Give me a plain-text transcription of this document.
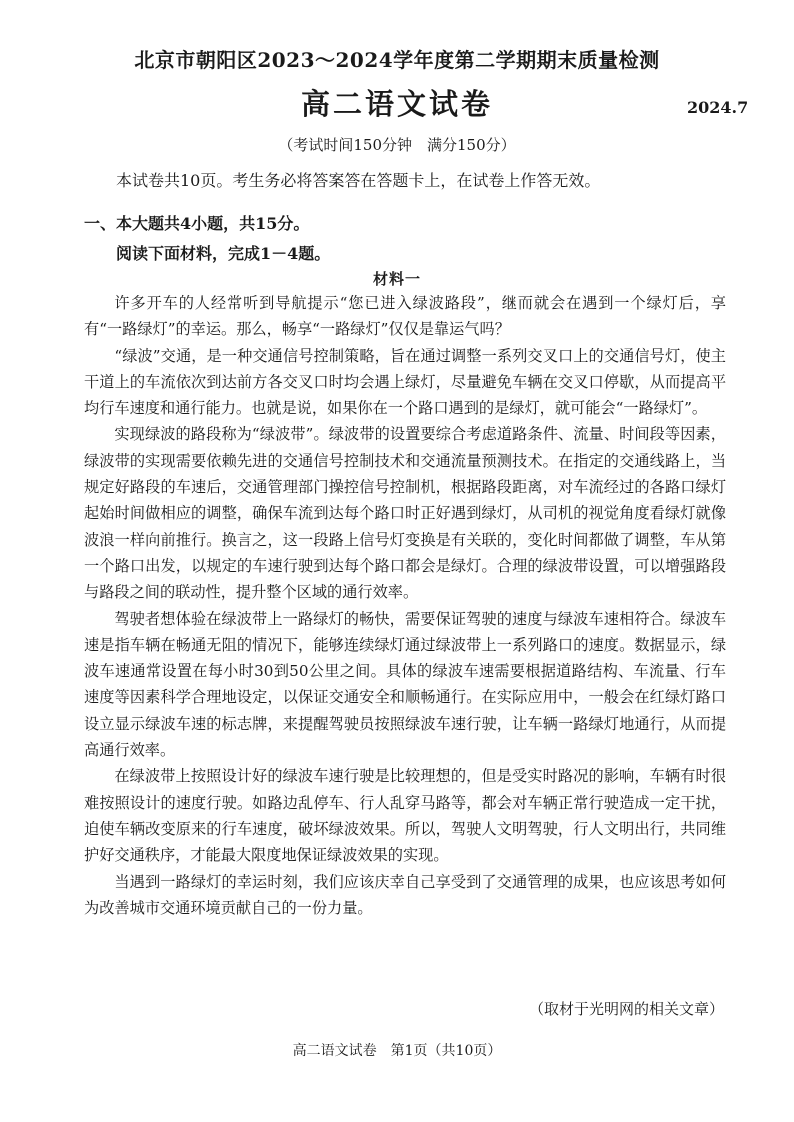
北京市朝阳区2023～2024学年度第二学期期末质量检测
高二语文试卷	2024.7
（考试时间150分钟　满分150分）
本试卷共10页。考生务必将答案答在答题卡上，在试卷上作答无效。
一、本大题共4小题，共15分。
阅读下面材料，完成1－4题。
材料一

许多开车的人经常听到导航提示“您已进入绿波路段”，继而就会在遇到一个绿灯后，享有“一路绿灯”的幸运。那么，畅享“一路绿灯”仅仅是靠运气吗？

“绿波”交通，是一种交通信号控制策略，旨在通过调整一系列交叉口上的交通信号灯，使主干道上的车流依次到达前方各交叉口时均会遇上绿灯，尽量避免车辆在交叉口停歇，从而提高平均行车速度和通行能力。也就是说，如果你在一个路口遇到的是绿灯，就可能会“一路绿灯”。

实现绿波的路段称为“绿波带”。绿波带的设置要综合考虑道路条件、流量、时间段等因素，绿波带的实现需要依赖先进的交通信号控制技术和交通流量预测技术。在指定的交通线路上，当规定好路段的车速后，交通管理部门操控信号控制机，根据路段距离，对车流经过的各路口绿灯起始时间做相应的调整，确保车流到达每个路口时正好遇到绿灯，从司机的视觉角度看绿灯就像波浪一样向前推行。换言之，这一段路上信号灯变换是有关联的，变化时间都做了调整，车从第一个路口出发，以规定的车速行驶到达每个路口都会是绿灯。合理的绿波带设置，可以增强路段与路段之间的联动性，提升整个区域的通行效率。

驾驶者想体验在绿波带上一路绿灯的畅快，需要保证驾驶的速度与绿波车速相符合。绿波车速是指车辆在畅通无阻的情况下，能够连续绿灯通过绿波带上一系列路口的速度。数据显示，绿波车速通常设置在每小时30到50公里之间。具体的绿波车速需要根据道路结构、车流量、行车速度等因素科学合理地设定，以保证交通安全和顺畅通行。在实际应用中，一般会在红绿灯路口设立显示绿波车速的标志牌，来提醒驾驶员按照绿波车速行驶，让车辆一路绿灯地通行，从而提高通行效率。

在绿波带上按照设计好的绿波车速行驶是比较理想的，但是受实时路况的影响，车辆有时很难按照设计的速度行驶。如路边乱停车、行人乱穿马路等，都会对车辆正常行驶造成一定干扰，迫使车辆改变原来的行车速度，破坏绿波效果。所以，驾驶人文明驾驶，行人文明出行，共同维护好交通秩序，才能最大限度地保证绿波效果的实现。

当遇到一路绿灯的幸运时刻，我们应该庆幸自己享受到了交通管理的成果，也应该思考如何为改善城市交通环境贡献自己的一份力量。

（取材于光明网的相关文章）
高二语文试卷　第1页（共10页）
